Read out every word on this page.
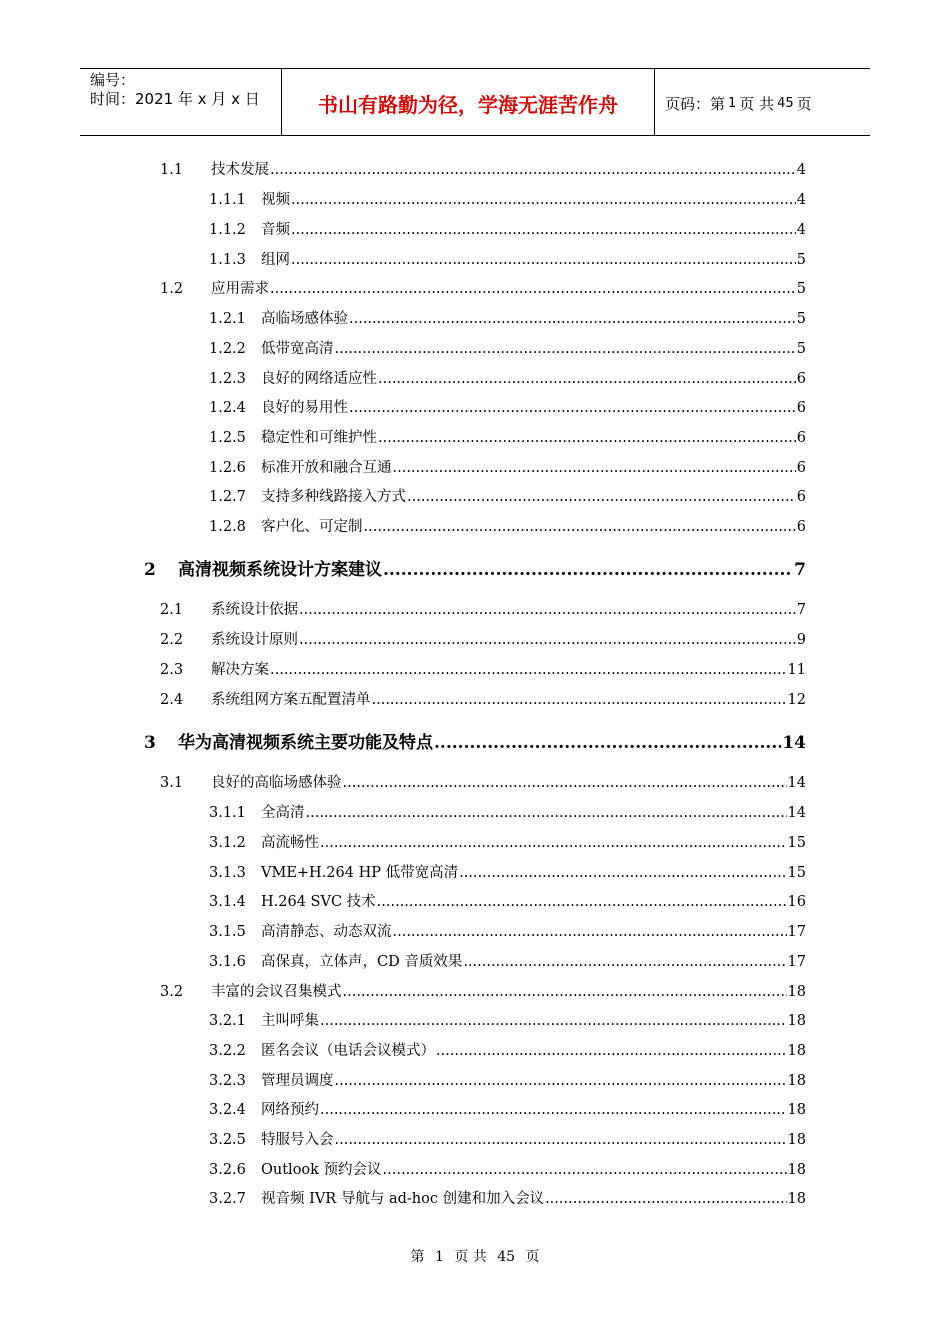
编号：
时间：2021 年 x 月 x 日	书山有路勤为径，学海无涯苦作舟	页码：第 1 页 共 45 页
1.1	技术发展 .....	4
1.1.1	视频 .....	4
1.1.2	音频 .....	4
1.1.3	组网 .....	5
1.2	应用需求 .....	5
1.2.1	高临场感体验 .....	5
1.2.2	低带宽高清 .....	5
1.2.3	良好的网络适应性 .....	6
1.2.4	良好的易用性 .....	6
1.2.5	稳定性和可维护性 .....	6
1.2.6	标准开放和融合互通 .....	6
1.2.7	支持多种线路接入方式 .....	6
1.2.8	客户化、可定制 .....	6
2	高清视频系统设计方案建议 .....	7
2.1	系统设计依据 .....	7
2.2	系统设计原则 .....	9
2.3	解决方案 .....	11
2.4	系统组网方案五配置清单 .....	12
3	华为高清视频系统主要功能及特点 .....	14
3.1	良好的高临场感体验 .....	14
3.1.1	全高清 .....	14
3.1.2	高流畅性 .....	15
3.1.3	VME+H.264 HP 低带宽高清 .....	15
3.1.4	H.264 SVC 技术 .....	16
3.1.5	高清静态、动态双流 .....	17
3.1.6	高保真，立体声，CD 音质效果 .....	17
3.2	丰富的会议召集模式 .....	18
3.2.1	主叫呼集 .....	18
3.2.2	匿名会议（电话会议模式） .....	18
3.2.3	管理员调度 .....	18
3.2.4	网络预约 .....	18
3.2.5	特服号入会 .....	18
3.2.6	Outlook 预约会议 .....	18
3.2.7	视音频 IVR 导航与 ad-hoc 创建和加入会议 .....	18
第 1 页 共 45 页
